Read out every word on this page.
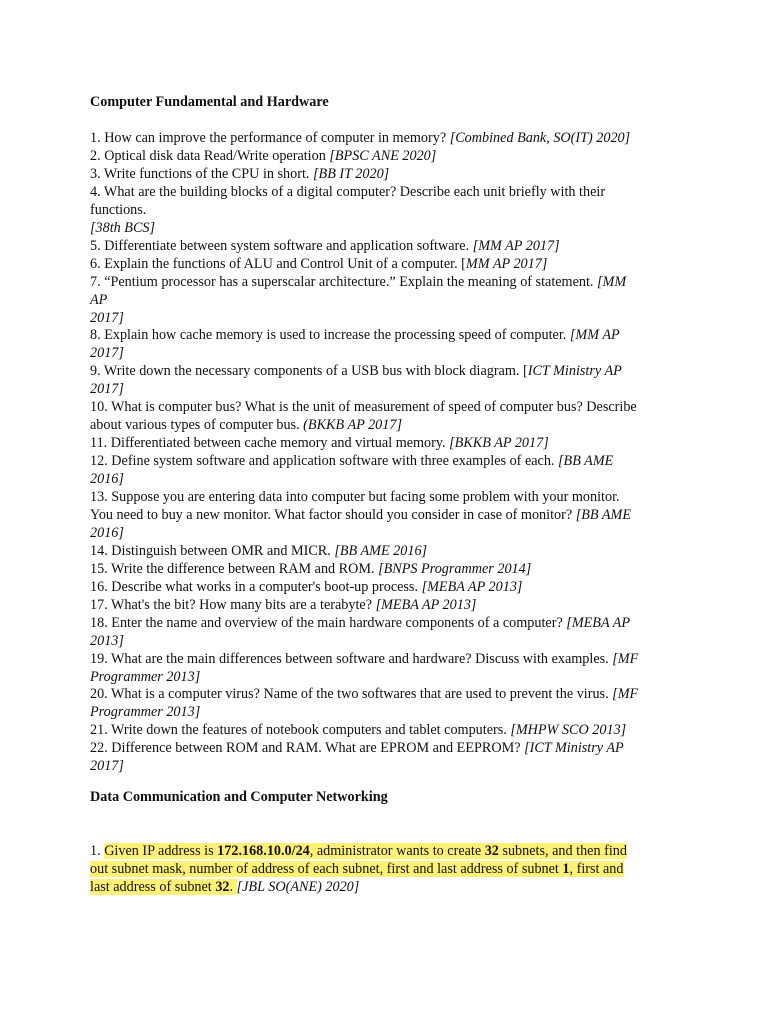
Computer Fundamental and Hardware
1. How can improve the performance of computer in memory? [Combined Bank, SO(IT) 2020]
2. Optical disk data Read/Write operation [BPSC ANE 2020]
3. Write functions of the CPU in short. [BB IT 2020]
4. What are the building blocks of a digital computer? Describe each unit briefly with their
functions.
[38th BCS]
5. Differentiate between system software and application software. [MM AP 2017]
6. Explain the functions of ALU and Control Unit of a computer. [MM AP 2017]
7. “Pentium processor has a superscalar architecture.” Explain the meaning of statement. [MM
AP
2017]
8. Explain how cache memory is used to increase the processing speed of computer. [MM AP
2017]
9. Write down the necessary components of a USB bus with block diagram. [ICT Ministry AP
2017]
10. What is computer bus? What is the unit of measurement of speed of computer bus? Describe
about various types of computer bus. (BKKB AP 2017]
11. Differentiated between cache memory and virtual memory. [BKKB AP 2017]
12. Define system software and application software with three examples of each. [BB AME
2016]
13. Suppose you are entering data into computer but facing some problem with your monitor.
You need to buy a new monitor. What factor should you consider in case of monitor? [BB AME
2016]
14. Distinguish between OMR and MICR. [BB AME 2016]
15. Write the difference between RAM and ROM. [BNPS Programmer 2014]
16. Describe what works in a computer's boot-up process. [MEBA AP 2013]
17. What's the bit? How many bits are a terabyte? [MEBA AP 2013]
18. Enter the name and overview of the main hardware components of a computer? [MEBA AP
2013]
19. What are the main differences between software and hardware? Discuss with examples. [MF
Programmer 2013]
20. What is a computer virus? Name of the two softwares that are used to prevent the virus. [MF
Programmer 2013]
21. Write down the features of notebook computers and tablet computers. [MHPW SCO 2013]
22. Difference between ROM and RAM. What are EPROM and EEPROM? [ICT Ministry AP
2017]
Data Communication and Computer Networking
1. Given IP address is 172.168.10.0/24, administrator wants to create 32 subnets, and then find
out subnet mask, number of address of each subnet, first and last address of subnet 1, first and
last address of subnet 32. [JBL SO(ANE) 2020]
